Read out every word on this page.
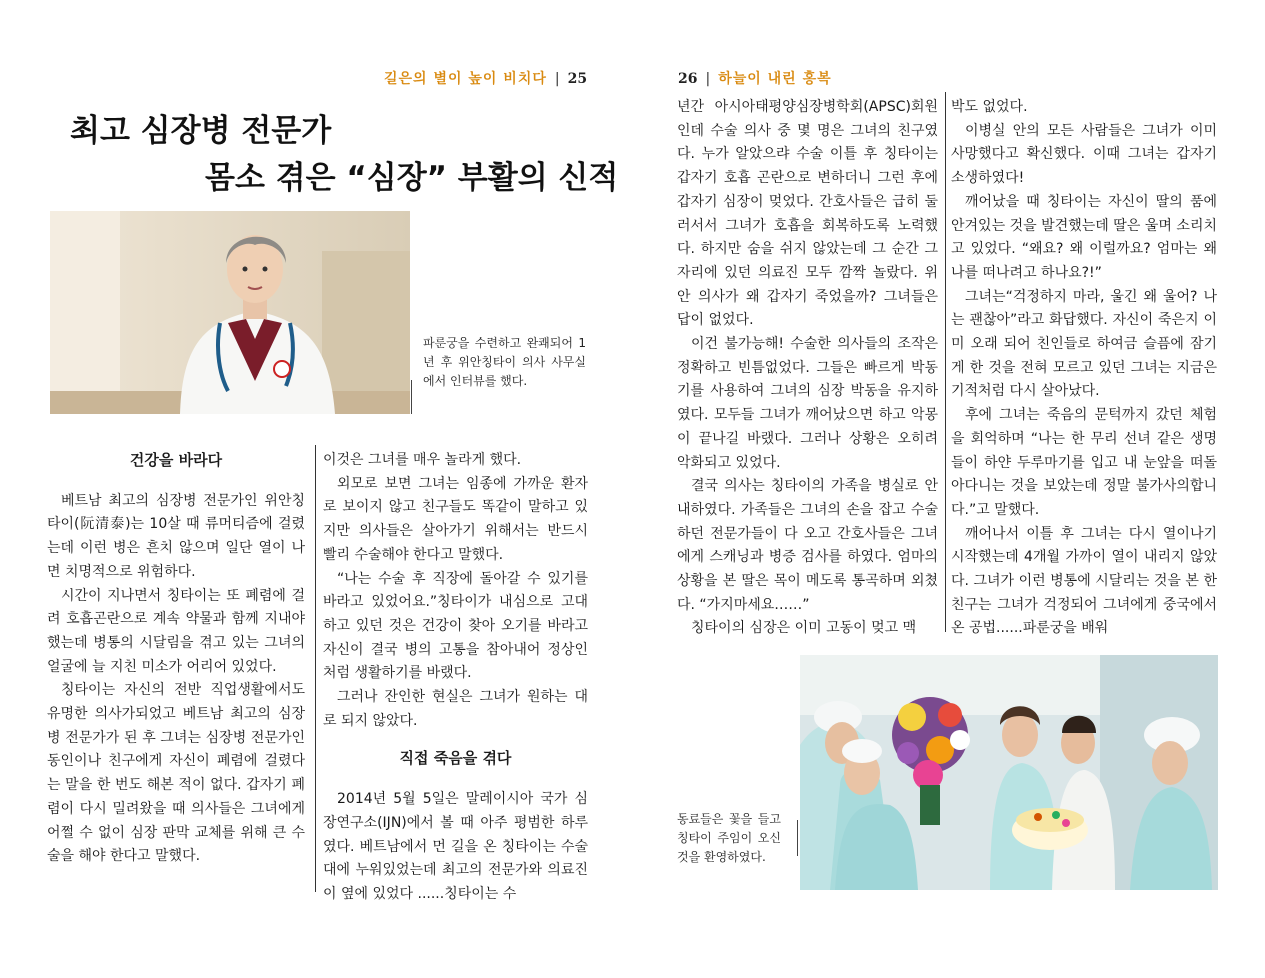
길은의 별이 높이 비치다 | 25
최고 심장병 전문가
몸소 겪은 “심장” 부활의 신적
파룬궁을 수련하고 완쾌되어 1 년 후 위안칭타이 의사 사무실에서 인터뷰를 했다.
건강을 바라다

베트남 최고의 심장병 전문가인 위안칭타이(阮清泰)는 10살 때 류머티즘에 걸렸는데 이런 병은 흔치 않으며 일단 열이 나면 치명적으로 위험하다.

시간이 지나면서 칭타이는 또 폐렴에 걸려 호흡곤란으로 계속 약물과 함께 지내야했는데 병통의 시달림을 겪고 있는 그녀의 얼굴에 늘 지친 미소가 어리어 있었다.

칭타이는 자신의 전반 직업생활에서도 유명한 의사가되었고 베트남 최고의 심장병 전문가가 된 후 그녀는 심장병 전문가인 동인이나 친구에게 자신이 폐렴에 걸렸다는 말을 한 번도 해본 적이 없다. 갑자기 폐렴이 다시 밀려왔을 때 의사들은 그녀에게 어쩔 수 없이 심장 판막 교체를 위해 큰 수술을 해야 한다고 말했다.

이것은 그녀를 매우 놀라게 했다.

외모로 보면 그녀는 임종에 가까운 환자로 보이지 않고 친구들도 똑같이 말하고 있지만 의사들은 살아가기 위해서는 반드시 빨리 수술해야 한다고 말했다.

“나는 수술 후 직장에 돌아갈 수 있기를 바라고 있었어요.”칭타이가 내심으로 고대하고 있던 것은 건강이 찾아 오기를 바라고 자신이 결국 병의 고통을 참아내어 정상인처럼 생활하기를 바랬다.

그러나 잔인한 현실은 그녀가 원하는 대로 되지 않았다.

직접 죽음을 겪다

2014년 5월 5일은 말레이시아 국가 심장연구소(IJN)에서 볼 때 아주 평범한 하루였다. 베트남에서 먼 길을 온 칭타이는 수술대에 누워있었는데 최고의 전문가와 의료진이 옆에 있었다 ......칭타이는 수

26 | 하늘이 내린 홍복

년간 아시아태평양심장병학회(APSC)회원인데 수술 의사 중 몇 명은 그녀의 친구였다. 누가 알았으랴 수술 이틀 후 칭타이는 갑자기 호흡 곤란으로 변하더니 그런 후에 갑자기 심장이 멎었다. 간호사들은 급히 둘러서서 그녀가 호흡을 회복하도록 노력했다. 하지만 숨을 쉬지 않았는데 그 순간 그 자리에 있던 의료진 모두 깜짝 놀랐다. 위안 의사가 왜 갑자기 죽었을까? 그녀들은 답이 없었다.

이건 불가능해! 수술한 의사들의 조작은 정확하고 빈틈없었다. 그들은 빠르게 박동기를 사용하여 그녀의 심장 박동을 유지하였다. 모두들 그녀가 깨어났으면 하고 악몽이 끝나길 바랬다. 그러나 상황은 오히려 악화되고 있었다.

결국 의사는 칭타이의 가족을 병실로 안내하였다. 가족들은 그녀의 손을 잡고 수술하던 전문가들이 다 오고 간호사들은 그녀에게 스캐닝과 병증 검사를 하였다. 엄마의 상황을 본 딸은 목이 메도록 통곡하며 외쳤다. “가지마세요……”

칭타이의 심장은 이미 고동이 멎고 맥

박도 없었다.

이병실 안의 모든 사람들은 그녀가 이미 사망했다고 확신했다. 이때 그녀는 갑자기 소생하였다!

깨어났을 때 칭타이는 자신이 딸의 품에 안겨있는 것을 발견했는데 딸은 울며 소리치고 있었다. “왜요? 왜 이럴까요? 엄마는 왜 나를 떠나려고 하나요?!”

그녀는“걱정하지 마라, 울긴 왜 울어? 나는 괜찮아”라고 화답했다. 자신이 죽은지 이미 오래 되어 친인들로 하여금 슬픔에 잠기게 한 것을 전혀 모르고 있던 그녀는 지금은 기적처럼 다시 살아났다.

후에 그녀는 죽음의 문턱까지 갔던 체험을 회억하며 “나는 한 무리 선녀 같은 생명들이 하얀 두루마기를 입고 내 눈앞을 떠돌아다니는 것을 보았는데 정말 불가사의합니다.”고 말했다.

깨어나서 이틀 후 그녀는 다시 열이나기 시작했는데 4개월 가까이 열이 내리지 않았다. 그녀가 이런 병통에 시달리는 것을 본 한 친구는 그녀가 걱정되어 그녀에게 중국에서 온 공법......파룬궁을 배워

동료들은 꽃을 들고 칭타이 주임이 오신 것을 환영하였다.
